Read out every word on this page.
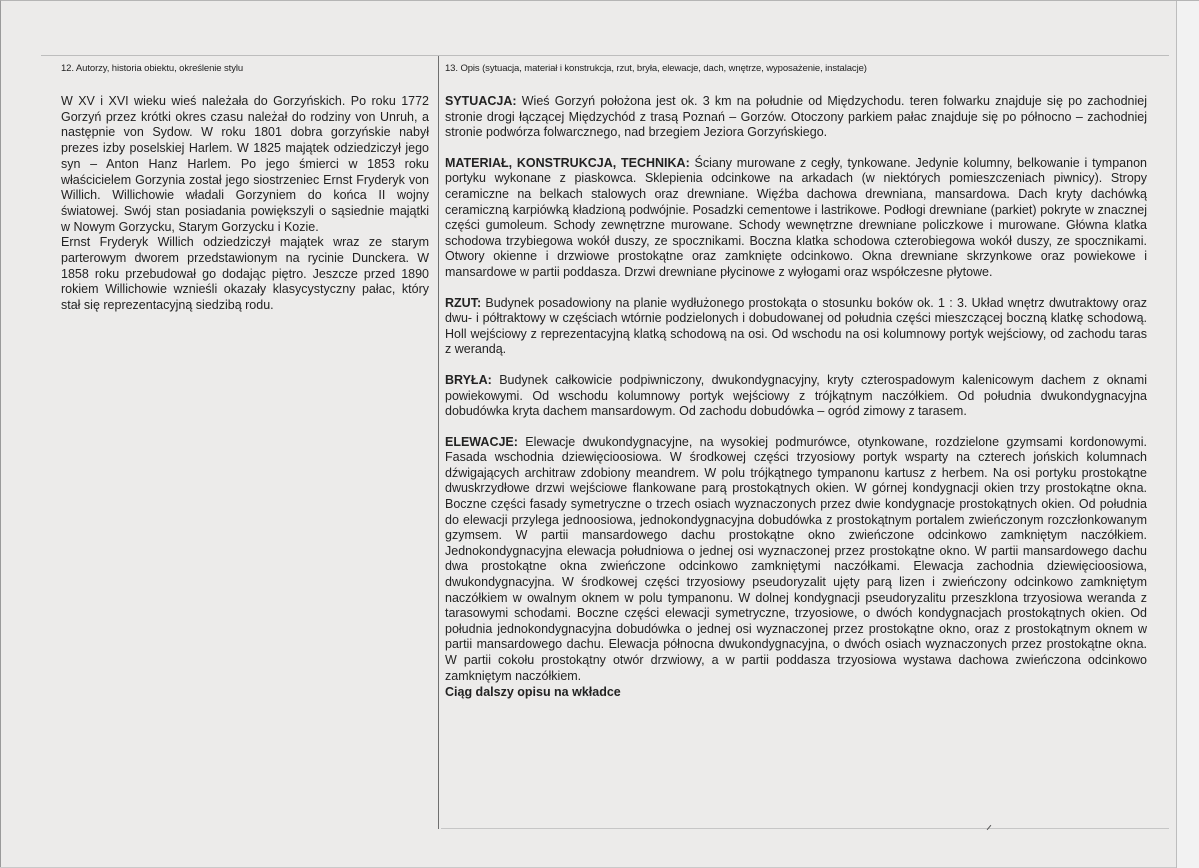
12. Autorzy, historia obiektu, określenie stylu

W XV i XVI wieku wieś należała do Gorzyńskich. Po roku 1772 Gorzyń przez krótki okres czasu należał do rodziny von Unruh, a następnie von Sydow. W roku 1801 dobra gorzyńskie nabył prezes izby poselskiej Harlem. W 1825 majątek odziedziczył jego syn – Anton Hanz Harlem. Po jego śmierci w 1853 roku właścicielem Gorzynia został jego siostrzeniec Ernst Fryderyk von Willich. Willichowie władali Gorzyniem do końca II wojny światowej. Swój stan posiadania powiększyli o sąsiednie majątki w Nowym Gorzycku, Starym Gorzycku i Kozie.

Ernst Fryderyk Willich odziedziczył majątek wraz ze starym parterowym dworem przedstawionym na rycinie Dunckera. W 1858 roku przebudował go dodając piętro. Jeszcze przed 1890 rokiem Willichowie wznieśli okazały klasycystyczny pałac, który stał się reprezentacyjną siedzibą rodu.

13. Opis (sytuacja, materiał i konstrukcja, rzut, bryła, elewacje, dach, wnętrze, wyposażenie, instalacje)

SYTUACJA: Wieś Gorzyń położona jest ok. 3 km na południe od Międzychodu. teren folwarku znajduje się po zachodniej stronie drogi łączącej Międzychód z trasą Poznań – Gorzów. Otoczony parkiem pałac znajduje się po północno – zachodniej stronie podwórza folwarcznego, nad brzegiem Jeziora Gorzyńskiego.

MATERIAŁ, KONSTRUKCJA, TECHNIKA: Ściany murowane z cegły, tynkowane. Jedynie kolumny, belkowanie i tympanon portyku wykonane z piaskowca. Sklepienia odcinkowe na arkadach (w niektórych pomieszczeniach piwnicy). Stropy ceramiczne na belkach stalowych oraz drewniane. Więźba dachowa drewniana, mansardowa. Dach kryty dachówką ceramiczną karpiówką kładzioną podwójnie. Posadzki cementowe i lastrikowe. Podłogi drewniane (parkiet) pokryte w znacznej części gumoleum. Schody zewnętrzne murowane. Schody wewnętrzne drewniane policzkowe i murowane. Główna klatka schodowa trzybiegowa wokół duszy, ze spocznikami. Boczna klatka schodowa czterobiegowa wokół duszy, ze spocznikami. Otwory okienne i drzwiowe prostokątne oraz zamknięte odcinkowo. Okna drewniane skrzynkowe oraz powiekowe i mansardowe w partii poddasza. Drzwi drewniane płycinowe z wyłogami oraz współczesne płytowe.

RZUT: Budynek posadowiony na planie wydłużonego prostokąta o stosunku boków ok. 1 : 3. Układ wnętrz dwutraktowy oraz dwu- i półtraktowy w częściach wtórnie podzielonych i dobudowanej od południa części mieszczącej boczną klatkę schodową. Holl wejściowy z reprezentacyjną klatką schodową na osi. Od wschodu na osi kolumnowy portyk wejściowy, od zachodu taras z werandą.

BRYŁA: Budynek całkowicie podpiwniczony, dwukondygnacyjny, kryty czterospadowym kalenicowym dachem z oknami powiekowymi. Od wschodu kolumnowy portyk wejściowy z trójkątnym naczółkiem. Od południa dwukondygnacyjna dobudówka kryta dachem mansardowym. Od zachodu dobudówka – ogród zimowy z tarasem.

ELEWACJE: Elewacje dwukondygnacyjne, na wysokiej podmurówce, otynkowane, rozdzielone gzymsami kordonowymi. Fasada wschodnia dziewięcioosiowa. W środkowej części trzyosiowy portyk wsparty na czterech jońskich kolumnach dźwigających architraw zdobiony meandrem. W polu trójkątnego tympanonu kartusz z herbem. Na osi portyku prostokątne dwuskrzydłowe drzwi wejściowe flankowane parą prostokątnych okien. W górnej kondygnacji okien trzy prostokątne okna. Boczne części fasady symetryczne o trzech osiach wyznaczonych przez dwie kondygnacje prostokątnych okien. Od południa do elewacji przylega jednoosiowa, jednokondygnacyjna dobudówka z prostokątnym portalem zwieńczonym rozczłonkowanym gzymsem. W partii mansardowego dachu prostokątne okno zwieńczone odcinkowo zamkniętym naczółkiem. Jednokondygnacyjna elewacja południowa o jednej osi wyznaczonej przez prostokątne okno. W partii mansardowego dachu dwa prostokątne okna zwieńczone odcinkowo zamkniętymi naczółkami. Elewacja zachodnia dziewięcioosiowa, dwukondygnacyjna. W środkowej części trzyosiowy pseudoryzalit ujęty parą lizen i zwieńczony odcinkowo zamkniętym naczółkiem w owalnym oknem w polu tympanonu. W dolnej kondygnacji pseudoryzalitu przeszklona trzyosiowa weranda z tarasowymi schodami. Boczne części elewacji symetryczne, trzyosiowe, o dwóch kondygnacjach prostokątnych okien. Od południa jednokondygnacyjna dobudówka o jednej osi wyznaczonej przez prostokątne okno, oraz z prostokątnym oknem w partii mansardowego dachu. Elewacja północna dwukondygnacyjna, o dwóch osiach wyznaczonych przez prostokątne okna. W partii cokołu prostokątny otwór drzwiowy, a w partii poddasza trzyosiowa wystawa dachowa zwieńczona odcinkowo zamkniętym naczółkiem.

Ciąg dalszy opisu na wkładce
